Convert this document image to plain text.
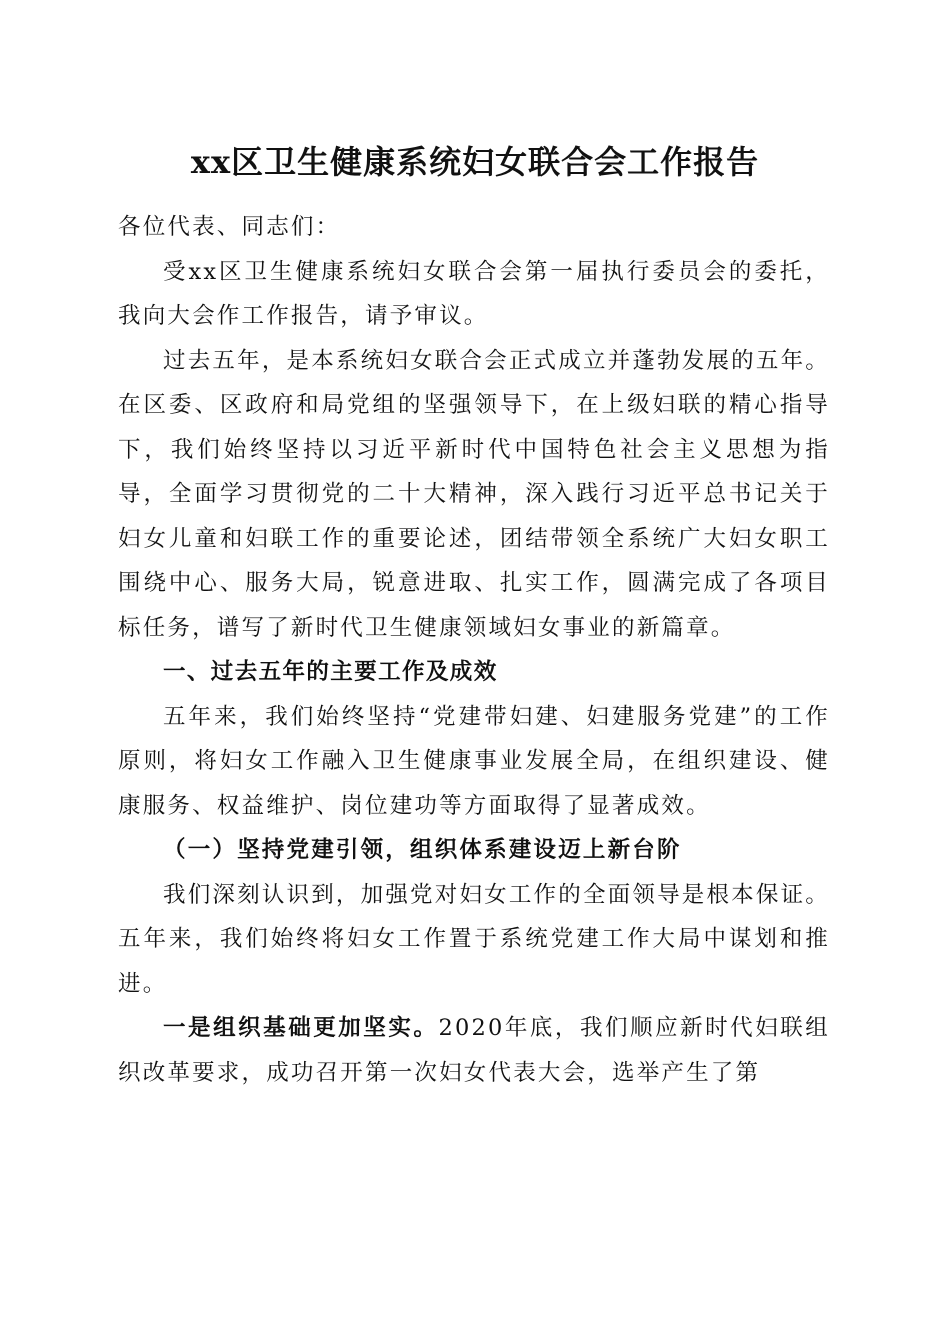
xx区卫生健康系统妇女联合会工作报告

各位代表、同志们：

受xx区卫生健康系统妇女联合会第一届执行委员会的委托，我向大会作工作报告，请予审议。

过去五年，是本系统妇女联合会正式成立并蓬勃发展的五年。在区委、区政府和局党组的坚强领导下，在上级妇联的精心指导下，我们始终坚持以习近平新时代中国特色社会主义思想为指导，全面学习贯彻党的二十大精神，深入践行习近平总书记关于妇女儿童和妇联工作的重要论述，团结带领全系统广大妇女职工围绕中心、服务大局，锐意进取、扎实工作，圆满完成了各项目标任务，谱写了新时代卫生健康领域妇女事业的新篇章。

一、过去五年的主要工作及成效

五年来，我们始终坚持“党建带妇建、妇建服务党建”的工作原则，将妇女工作融入卫生健康事业发展全局，在组织建设、健康服务、权益维护、岗位建功等方面取得了显著成效。

（一）坚持党建引领，组织体系建设迈上新台阶

我们深刻认识到，加强党对妇女工作的全面领导是根本保证。五年来，我们始终将妇女工作置于系统党建工作大局中谋划和推进。

一是组织基础更加坚实。2020年底，我们顺应新时代妇联组织改革要求，成功召开第一次妇女代表大会，选举产生了第
